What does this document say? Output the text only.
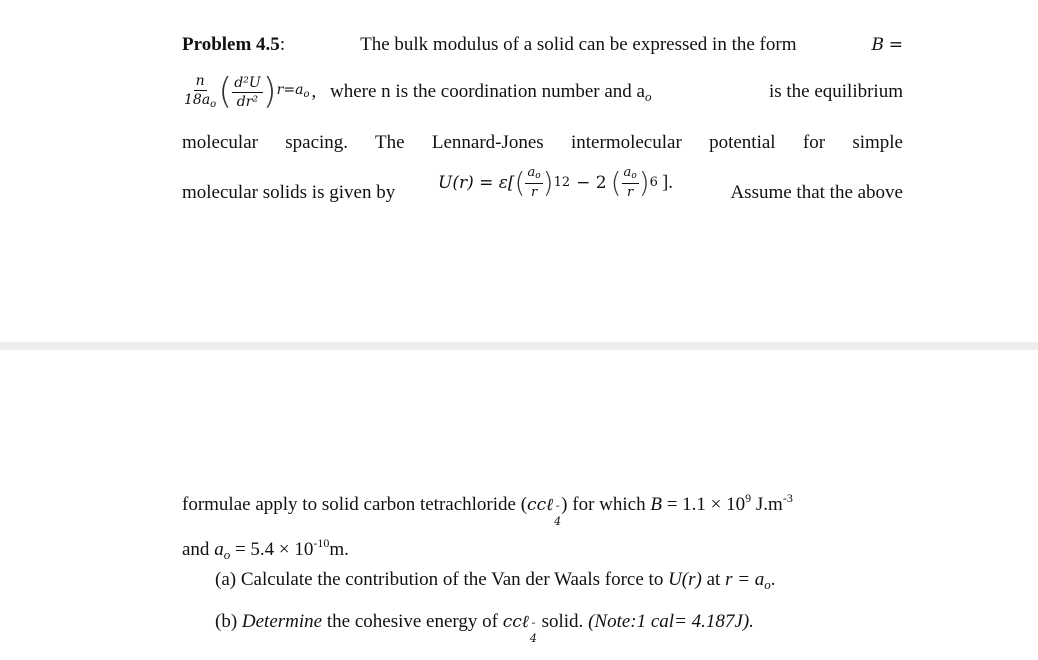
Problem 4.5:	The bulk modulus of a solid can be expressed in the form	B =
$\frac{n}{18a_o}$ ( $\frac{\text{d²U}}{\text{dr²}}$ ) $r=a_o$ , where n is the coordination number and $a_o$	is the equilibrium
molecular spacing. The Lennard-Jones intermolecular potential for simple
molecular solids is given by	U(r) = ε[ ( $\frac{ao}{r}$ ) 12 − 2 ( $\frac{ao}{r}$ ) 6 ].	Assume that the above
formulae apply to solid carbon tetrachloride (ccℓ ¯
4
) for which $B = 1.1 \times 10^9$ $J.m^{-3}$
and $a_o = 5.4 \times 10^{-10}m$.
(a) Calculate the contribution of the Van der Waals force to U(r) at $r = a_o$.
(b) Determine the cohesive energy of ccℓ ¯
4
solid. (Note:1 cal= 4.187J).
